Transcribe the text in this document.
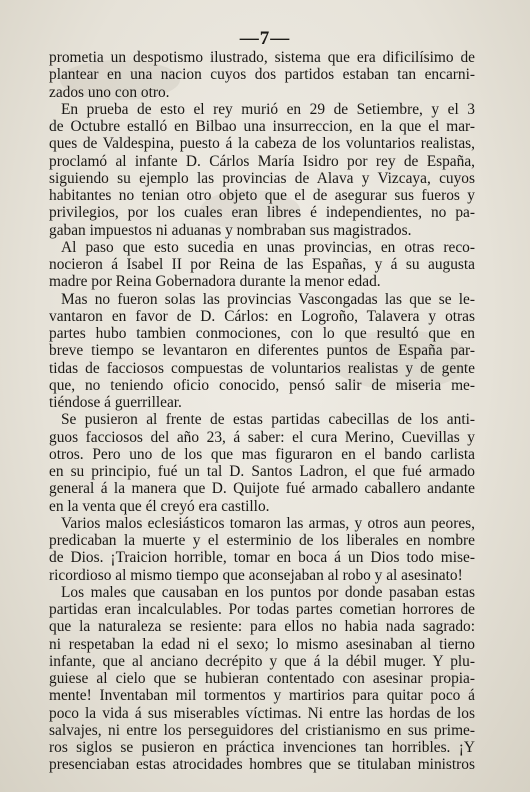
—7—
prometia un despotismo ilustrado, sistema que era dificilísimo de
plantear en una nacion cuyos dos partidos estaban tan encarni-
zados uno con otro.
En prueba de esto el rey murió en 29 de Setiembre, y el 3
de Octubre estalló en Bilbao una insurreccion, en la que el mar-
ques de Valdespina, puesto á la cabeza de los voluntarios realistas,
proclamó al infante D. Cárlos María Isidro por rey de España,
siguiendo su ejemplo las provincias de Alava y Vizcaya, cuyos
habitantes no tenian otro objeto que el de asegurar sus fueros y
privilegios, por los cuales eran libres é independientes, no pa-
gaban impuestos ni aduanas y nombraban sus magistrados.
Al paso que esto sucedia en unas provincias, en otras reco-
nocieron á Isabel II por Reina de las Españas, y á su augusta
madre por Reina Gobernadora durante la menor edad.
Mas no fueron solas las provincias Vascongadas las que se le-
vantaron en favor de D. Cárlos: en Logroño, Talavera y otras
partes hubo tambien conmociones, con lo que resultó que en
breve tiempo se levantaron en diferentes puntos de España par-
tidas de facciosos compuestas de voluntarios realistas y de gente
que, no teniendo oficio conocido, pensó salir de miseria me-
tiéndose á guerrillear.
Se pusieron al frente de estas partidas cabecillas de los anti-
guos facciosos del año 23, á saber: el cura Merino, Cuevillas y
otros. Pero uno de los que mas figuraron en el bando carlista
en su principio, fué un tal D. Santos Ladron, el que fué armado
general á la manera que D. Quijote fué armado caballero andante
en la venta que él creyó era castillo.
Varios malos eclesiásticos tomaron las armas, y otros aun peores,
predicaban la muerte y el esterminio de los liberales en nombre
de Dios. ¡Traicion horrible, tomar en boca á un Dios todo mise-
ricordioso al mismo tiempo que aconsejaban al robo y al asesinato!
Los males que causaban en los puntos por donde pasaban estas
partidas eran incalculables. Por todas partes cometian horrores de
que la naturaleza se resiente: para ellos no habia nada sagrado:
ni respetaban la edad ni el sexo; lo mismo asesinaban al tierno
infante, que al anciano decrépito y que á la débil muger. Y plu-
guiese al cielo que se hubieran contentado con asesinar propia-
mente! Inventaban mil tormentos y martirios para quitar poco á
poco la vida á sus miserables víctimas. Ni entre las hordas de los
salvajes, ni entre los perseguidores del cristianismo en sus prime-
ros siglos se pusieron en práctica invenciones tan horribles. ¡Y
presenciaban estas atrocidades hombres que se titulaban ministros
